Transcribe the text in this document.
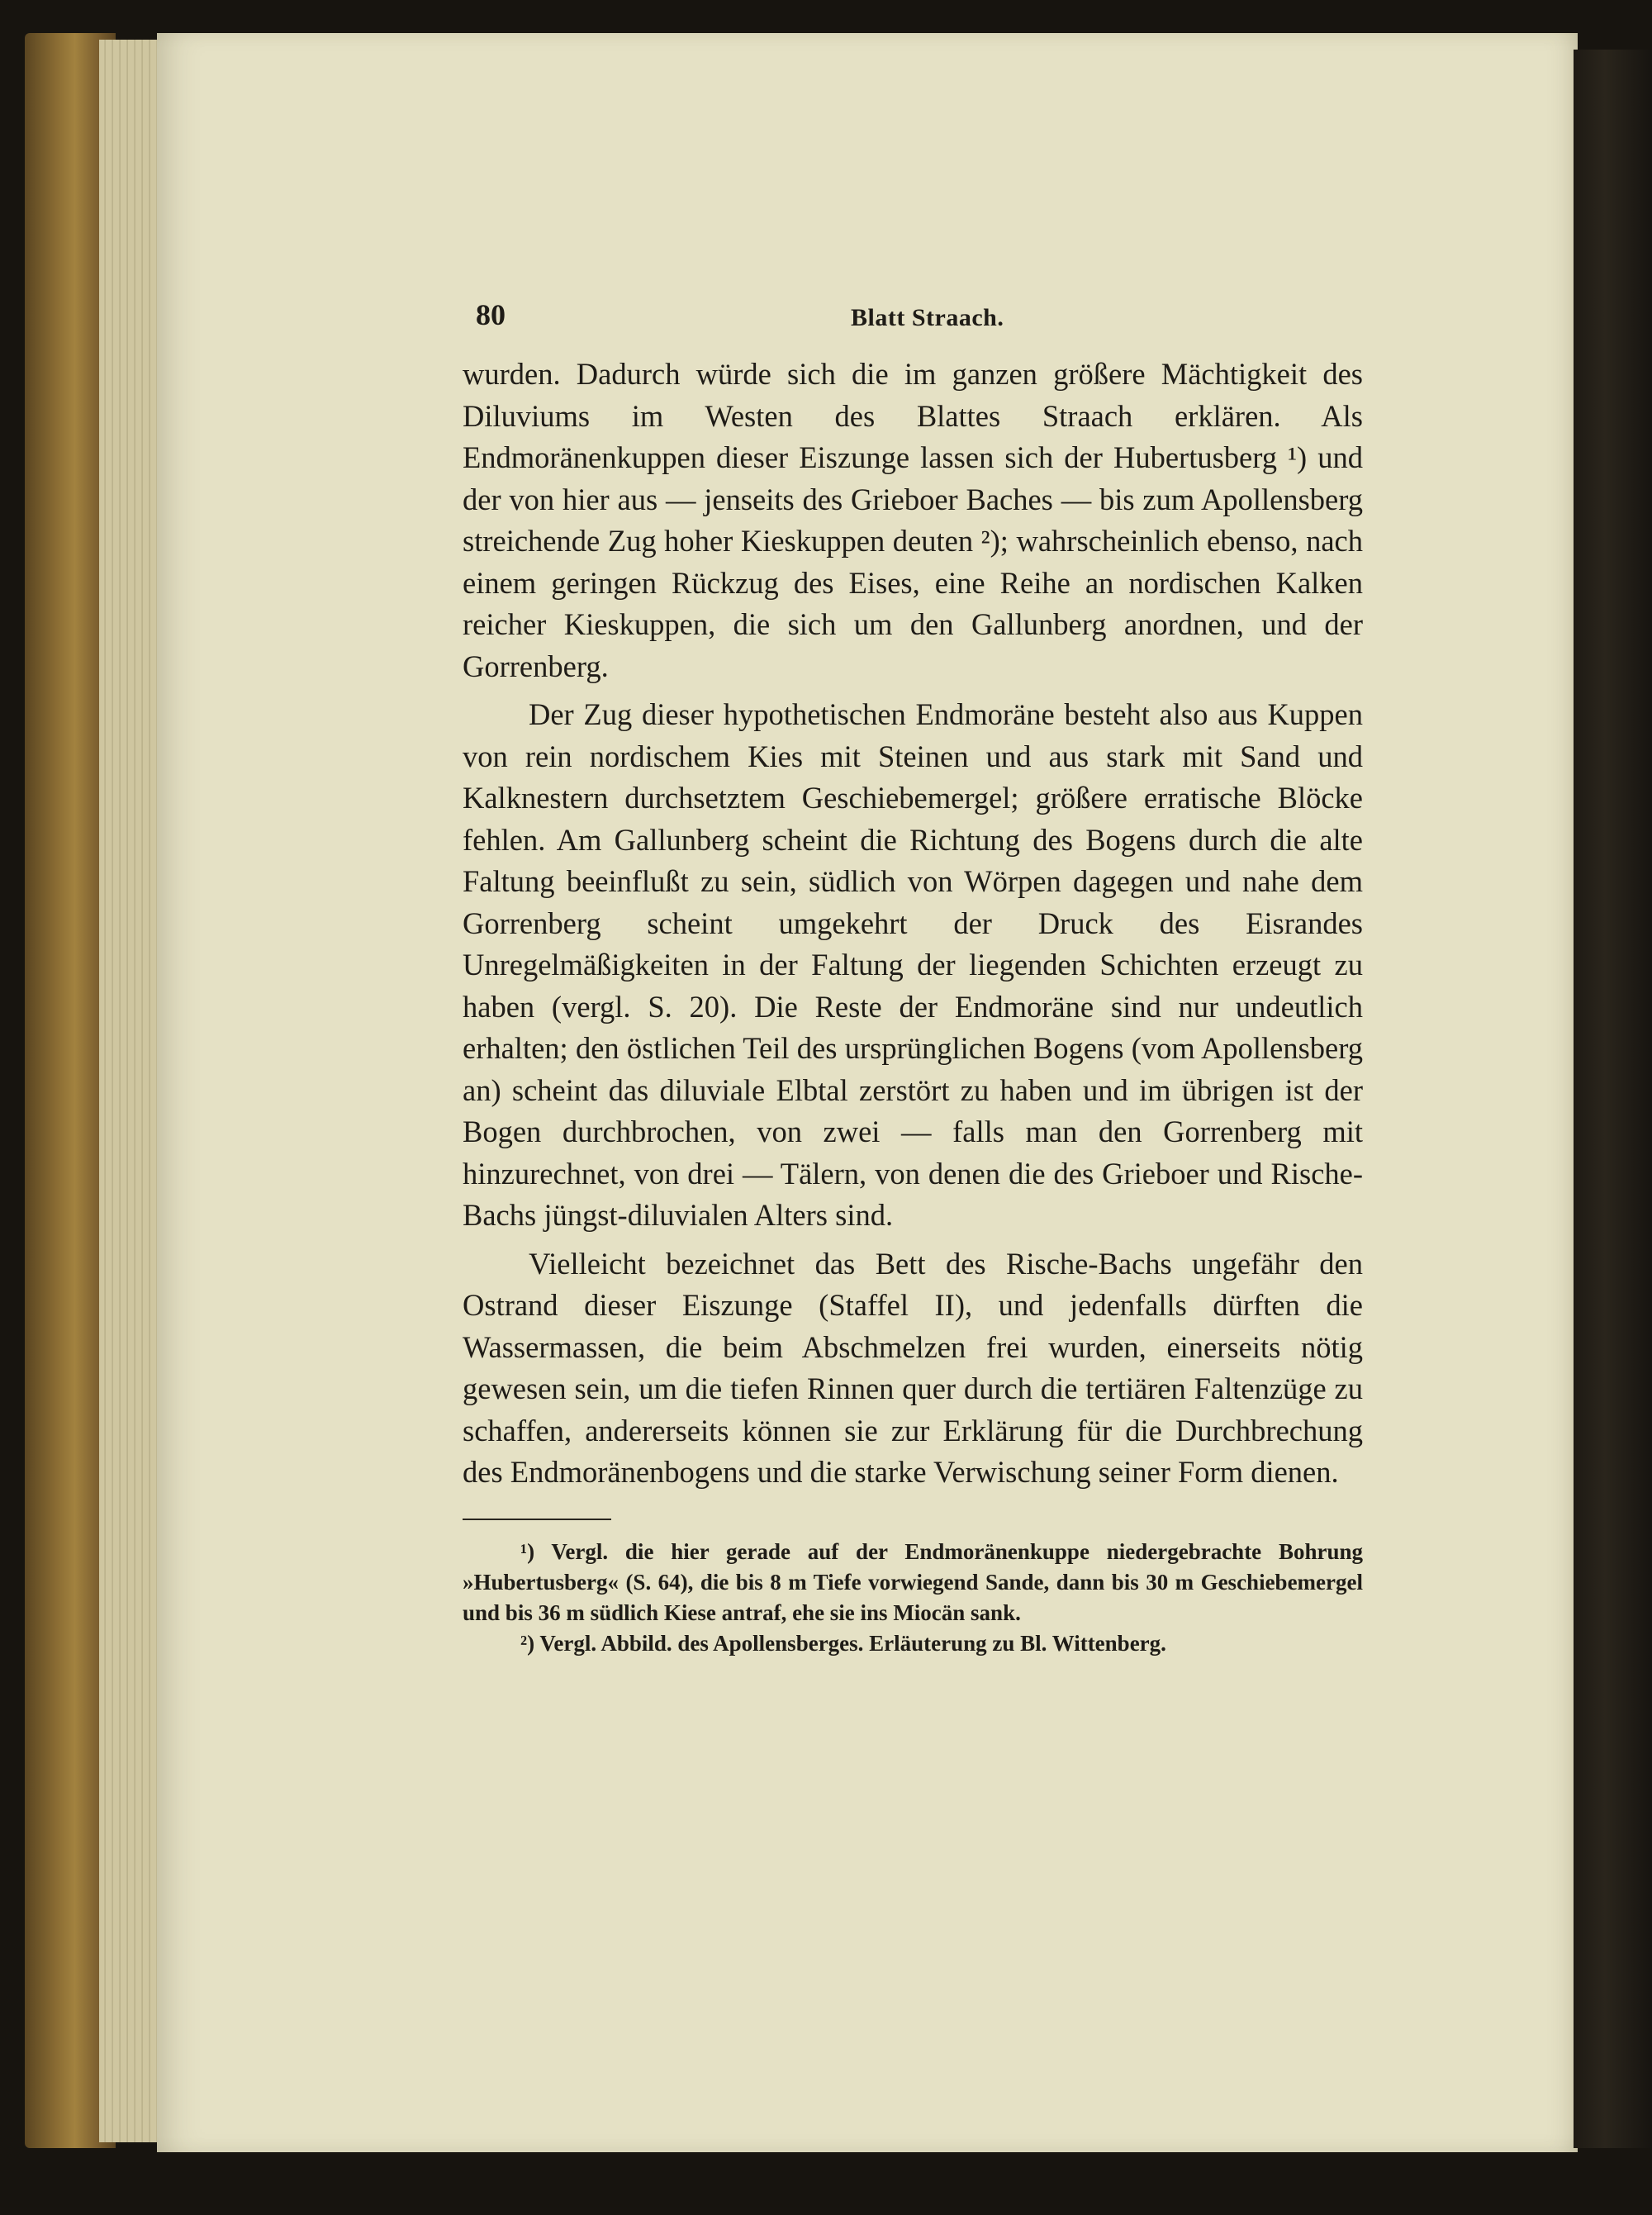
80	Blatt Straach.

wurden. Dadurch würde sich die im ganzen größere Mächtigkeit des Diluviums im Westen des Blattes Straach erklären. Als Endmoränenkuppen dieser Eiszunge lassen sich der Hubertusberg ¹) und der von hier aus — jenseits des Grieboer Baches — bis zum Apollensberg streichende Zug hoher Kieskuppen deuten ²); wahrscheinlich ebenso, nach einem geringen Rückzug des Eises, eine Reihe an nordischen Kalken reicher Kieskuppen, die sich um den Gallunberg anordnen, und der Gorrenberg.

Der Zug dieser hypothetischen Endmoräne besteht also aus Kuppen von rein nordischem Kies mit Steinen und aus stark mit Sand und Kalknestern durchsetztem Geschiebemergel; größere erratische Blöcke fehlen. Am Gallunberg scheint die Richtung des Bogens durch die alte Faltung beeinflußt zu sein, südlich von Wörpen dagegen und nahe dem Gorrenberg scheint umgekehrt der Druck des Eisrandes Unregelmäßigkeiten in der Faltung der liegenden Schichten erzeugt zu haben (vergl. S. 20). Die Reste der Endmoräne sind nur undeutlich erhalten; den östlichen Teil des ursprünglichen Bogens (vom Apollensberg an) scheint das diluviale Elbtal zerstört zu haben und im übrigen ist der Bogen durchbrochen, von zwei — falls man den Gorrenberg mit hinzurechnet, von drei — Tälern, von denen die des Grieboer und Rische-Bachs jüngst-diluvialen Alters sind.

Vielleicht bezeichnet das Bett des Rische-Bachs ungefähr den Ostrand dieser Eiszunge (Staffel II), und jedenfalls dürften die Wassermassen, die beim Abschmelzen frei wurden, einerseits nötig gewesen sein, um die tiefen Rinnen quer durch die tertiären Faltenzüge zu schaffen, andererseits können sie zur Erklärung für die Durchbrechung des Endmoränenbogens und die starke Verwischung seiner Form dienen.

¹) Vergl. die hier gerade auf der Endmoränenkuppe niedergebrachte Bohrung »Hubertusberg« (S. 64), die bis 8 m Tiefe vorwiegend Sande, dann bis 30 m Geschiebemergel und bis 36 m südlich Kiese antraf, ehe sie ins Miocän sank.

²) Vergl. Abbild. des Apollensberges. Erläuterung zu Bl. Wittenberg.
